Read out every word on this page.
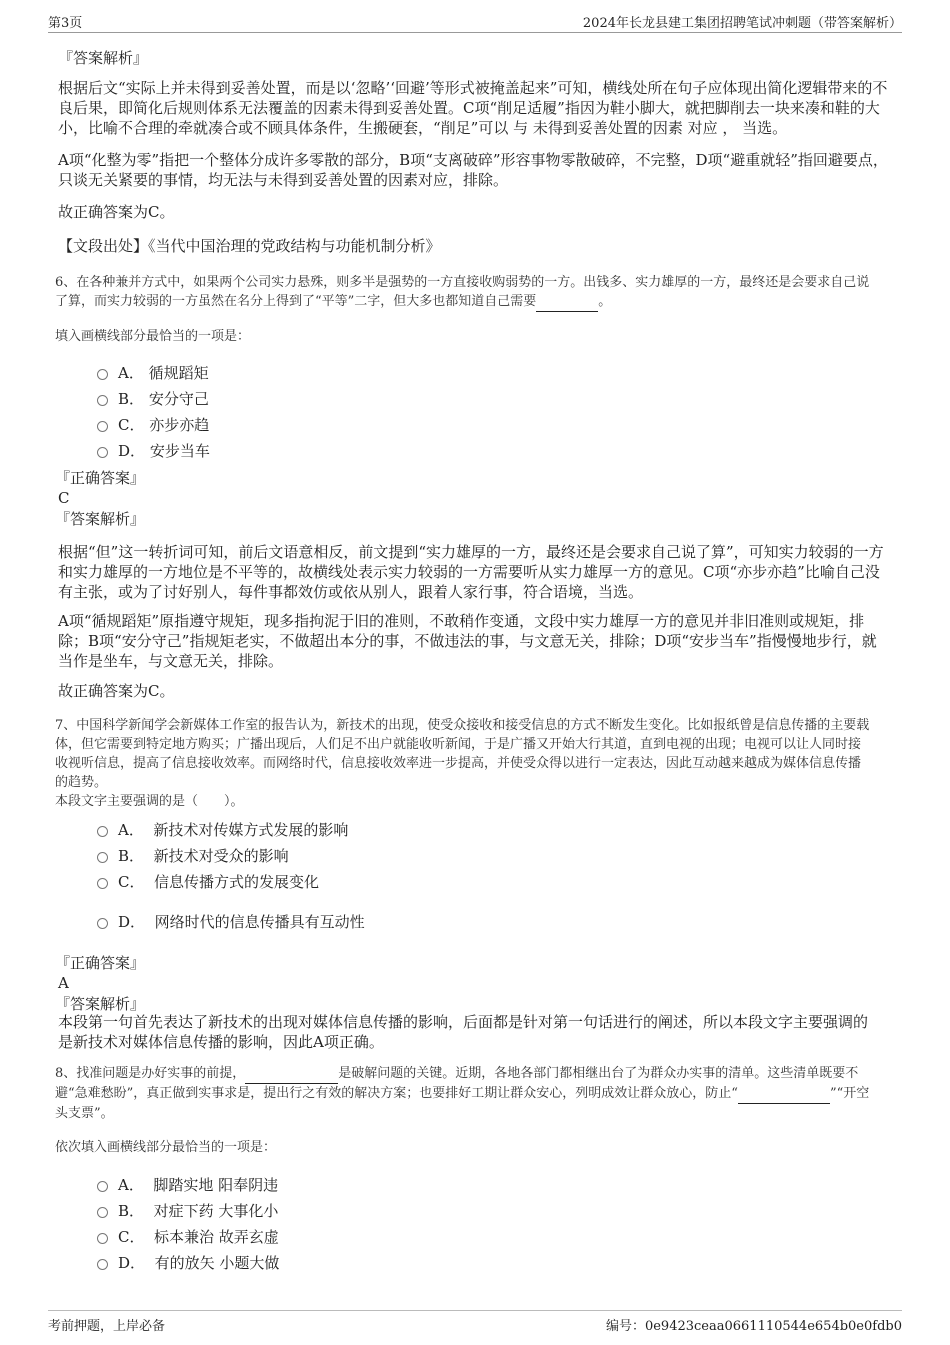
第3页	2024年长龙县建工集团招聘笔试冲刺题（带答案解析）
『答案解析』
根据后文“实际上并未得到妥善处置，而是以‘忽略’‘回避’等形式被掩盖起来”可知，横线处所在句子应体现出简化逻辑带来的不
良后果，即简化后规则体系无法覆盖的因素未得到妥善处置。C项“削足适履”指因为鞋小脚大，就把脚削去一块来凑和鞋的大
小，比喻不合理的牵就凑合或不顾具体条件，生搬硬套，“削足”可以 与 未得到妥善处置的因素 对应 ， 当选。
A项“化整为零”指把一个整体分成许多零散的部分，B项“支离破碎”形容事物零散破碎，不完整，D项“避重就轻”指回避要点，
只谈无关紧要的事情，均无法与未得到妥善处置的因素对应，排除。
故正确答案为C。
【文段出处】《当代中国治理的党政结构与功能机制分析》
6、在各种兼并方式中，如果两个公司实力悬殊，则多半是强势的一方直接收购弱势的一方。出钱多、实力雄厚的一方，最终还是会要求自己说
了算，而实力较弱的一方虽然在名分上得到了“平等”二字，但大多也都知道自己需要	。
填入画横线部分最恰当的一项是：
A． 循规蹈矩
B． 安分守己
C． 亦步亦趋
D． 安步当车
『正确答案』
C
『答案解析』
根据“但”这一转折词可知，前后文语意相反，前文提到“实力雄厚的一方，最终还是会要求自己说了算”，可知实力较弱的一方
和实力雄厚的一方地位是不平等的，故横线处表示实力较弱的一方需要听从实力雄厚一方的意见。C项“亦步亦趋”比喻自己没
有主张，或为了讨好别人，每件事都效仿或依从别人，跟着人家行事，符合语境，当选。
A项“循规蹈矩”原指遵守规矩，现多指拘泥于旧的准则，不敢稍作变通，文段中实力雄厚一方的意见并非旧准则或规矩，排
除；B项“安分守己”指规矩老实，不做超出本分的事，不做违法的事，与文意无关，排除；D项“安步当车”指慢慢地步行，就
当作是坐车，与文意无关，排除。
故正确答案为C。
7、中国科学新闻学会新媒体工作室的报告认为，新技术的出现，使受众接收和接受信息的方式不断发生变化。比如报纸曾是信息传播的主要载
体，但它需要到特定地方购买；广播出现后，人们足不出户就能收听新闻，于是广播又开始大行其道，直到电视的出现；电视可以让人同时接
收视听信息，提高了信息接收效率。而网络时代，信息接收效率进一步提高，并使受众得以进行一定表达，因此互动越来越成为媒体信息传播
的趋势。
本段文字主要强调的是（　　）。
A． 新技术对传媒方式发展的影响
B． 新技术对受众的影响
C． 信息传播方式的发展变化
D． 网络时代的信息传播具有互动性
『正确答案』
A
『答案解析』
本段第一句首先表达了新技术的出现对媒体信息传播的影响，后面都是针对第一句话进行的阐述，所以本段文字主要强调的
是新技术对媒体信息传播的影响，因此A项正确。
8、找准问题是办好实事的前提，	是破解问题的关键。近期，各地各部门都相继出台了为群众办实事的清单。这些清单既要不
避“急难愁盼”，真正做到实事求是，提出行之有效的解决方案；也要排好工期让群众安心，列明成效让群众放心，防止“	”“开空
头支票”。
依次填入画横线部分最恰当的一项是：
A． 脚踏实地 阳奉阴违
B． 对症下药 大事化小
C． 标本兼治 故弄玄虚
D． 有的放矢 小题大做
考前押题，上岸必备	编号：0e9423ceaa0661110544e654b0e0fdb0
